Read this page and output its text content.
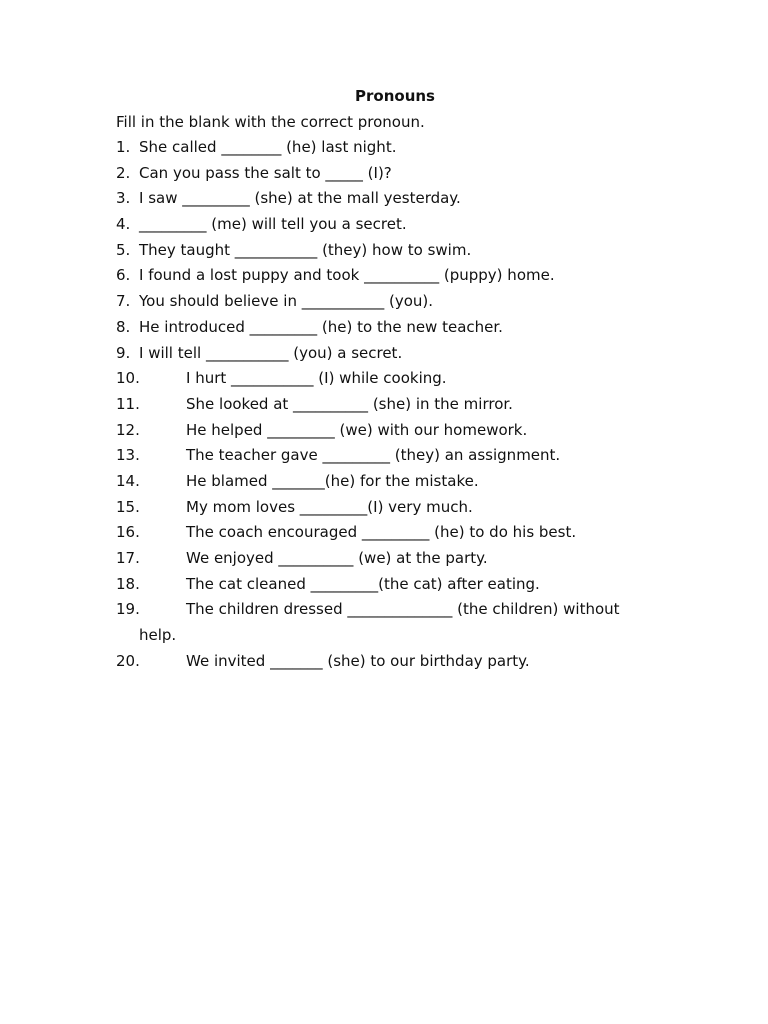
Pronouns
Fill in the blank with the correct pronoun.
1. She called ________ (he) last night.
2. Can you pass the salt to _____ (I)?
3. I saw _________ (she) at the mall yesterday.
4. _________ (me) will tell you a secret.
5. They taught ___________ (they) how to swim.
6. I found a lost puppy and took __________ (puppy) home.
7. You should believe in ___________ (you).
8. He introduced _________ (he) to the new teacher.
9. I will tell ___________ (you) a secret.
10.	I hurt ___________ (I) while cooking.
11.	She looked at __________ (she) in the mirror.
12.	He helped _________ (we) with our homework.
13.	The teacher gave _________ (they) an assignment.
14.	He blamed _______(he) for the mistake.
15.	My mom loves _________(I) very much.
16.	The coach encouraged _________ (he) to do his best.
17.	We enjoyed __________ (we) at the party.
18.	The cat cleaned _________(the cat) after eating.
19.	The children dressed ______________ (the children) without
help.
20.	We invited _______ (she) to our birthday party.
